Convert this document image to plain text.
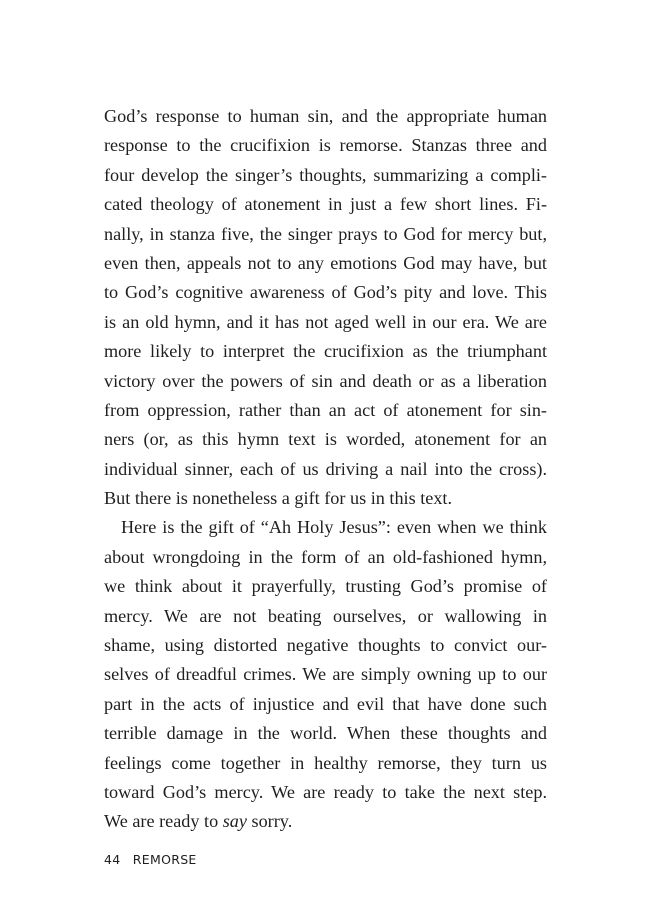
God’s response to human sin, and the appropriate human
response to the crucifixion is remorse. Stanzas three and
four develop the singer’s thoughts, summarizing a compli-
cated theology of atonement in just a few short lines. Fi-
nally, in stanza five, the singer prays to God for mercy but,
even then, appeals not to any emotions God may have, but
to God’s cognitive awareness of God’s pity and love. This
is an old hymn, and it has not aged well in our era. We are
more likely to interpret the crucifixion as the triumphant
victory over the powers of sin and death or as a liberation
from oppression, rather than an act of atonement for sin-
ners (or, as this hymn text is worded, atonement for an
individual sinner, each of us driving a nail into the cross).
But there is nonetheless a gift for us in this text.
Here is the gift of “Ah Holy Jesus”: even when we think
about wrongdoing in the form of an old-fashioned hymn,
we think about it prayerfully, trusting God’s promise of
mercy. We are not beating ourselves, or wallowing in
shame, using distorted negative thoughts to convict our-
selves of dreadful crimes. We are simply owning up to our
part in the acts of injustice and evil that have done such
terrible damage in the world. When these thoughts and
feelings come together in healthy remorse, they turn us
toward God’s mercy. We are ready to take the next step.
We are ready to say sorry.
44 REMORSE
